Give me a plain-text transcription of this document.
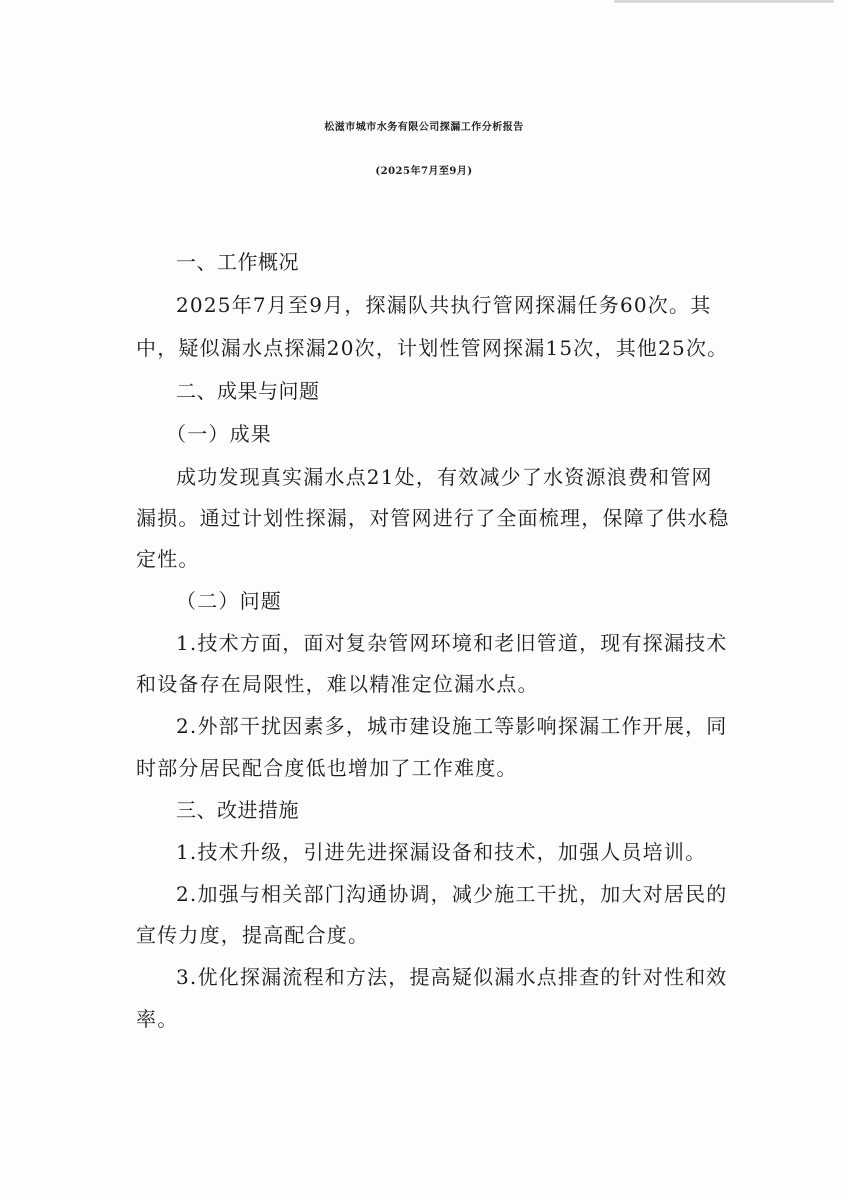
松滋市城市水务有限公司探漏工作分析报告
(2025年7月至9月)
一、工作概况
2025年7月至9月，探漏队共执行管网探漏任务60次。其
中，疑似漏水点探漏20次，计划性管网探漏15次，其他25次。
二、成果与问题
（一）成果
成功发现真实漏水点21处，有效减少了水资源浪费和管网
漏损。通过计划性探漏，对管网进行了全面梳理，保障了供水稳
定性。
（二）问题
1.技术方面，面对复杂管网环境和老旧管道，现有探漏技术
和设备存在局限性，难以精准定位漏水点。
2.外部干扰因素多，城市建设施工等影响探漏工作开展，同
时部分居民配合度低也增加了工作难度。
三、改进措施
1.技术升级，引进先进探漏设备和技术，加强人员培训。
2.加强与相关部门沟通协调，减少施工干扰，加大对居民的
宣传力度，提高配合度。
3.优化探漏流程和方法，提高疑似漏水点排查的针对性和效
率。
